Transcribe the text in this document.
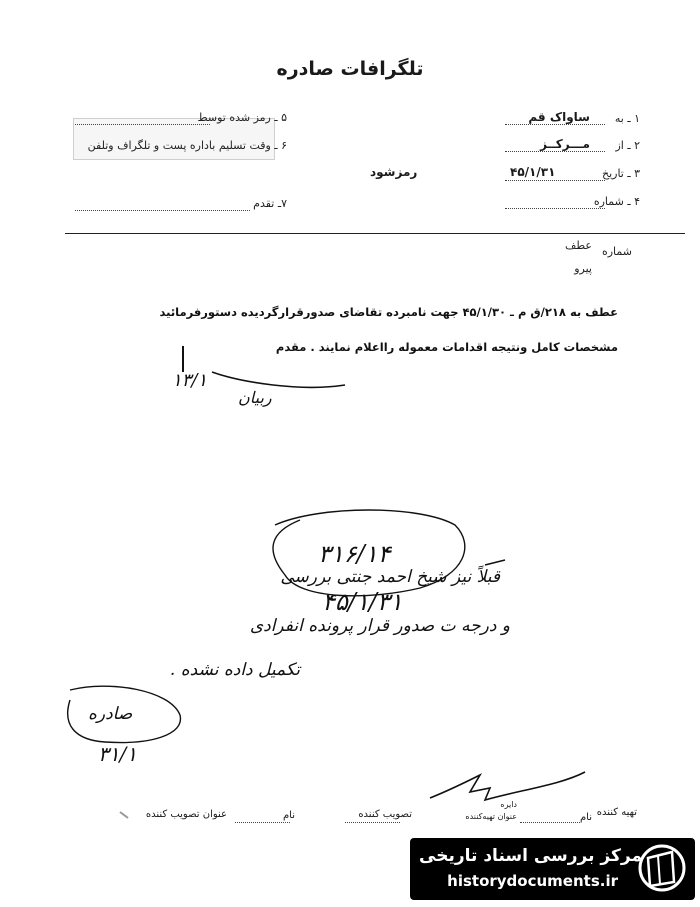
تلگرافات صادره
۱ ـ به
ساواک قم
۲ ـ از
مـــرکــز
۳ ـ تاریخ
۴۵/۱/۳۱
۴ ـ شماره
۵ ـ رمز شده توسط
۶ ـ وقت تسلیم باداره پست و تلگراف وتلفن
۷ـ تقدم
رمزشود
شماره
عطف
پیرو
عطف به ۲۱۸/ق م ـ ۴۵/۱/۳۰ جهت نامبرده تقاضای صدورقرارگردیده دستورفرمائید
مشخصات کامل ونتیجه اقدامات معموله رااعلام نمایند . مقدم
۱۳/۱
ربیان
۳۱۶/۱۴
۴۵/۱/۳۱
قبلاً نیز شیخ احمد جنتی بررسی
و درجه ت صدور قرار پرونده انفرادی
تکمیل داده نشده .
صادره
۳۱/۱
تهیه کننده
نام
دایره
عنوان تهیه‌کننده
تصویب کننده
نام
عنوان تصویب کننده
مرکز بررسی اسناد تاریخی
historydocuments.ir
